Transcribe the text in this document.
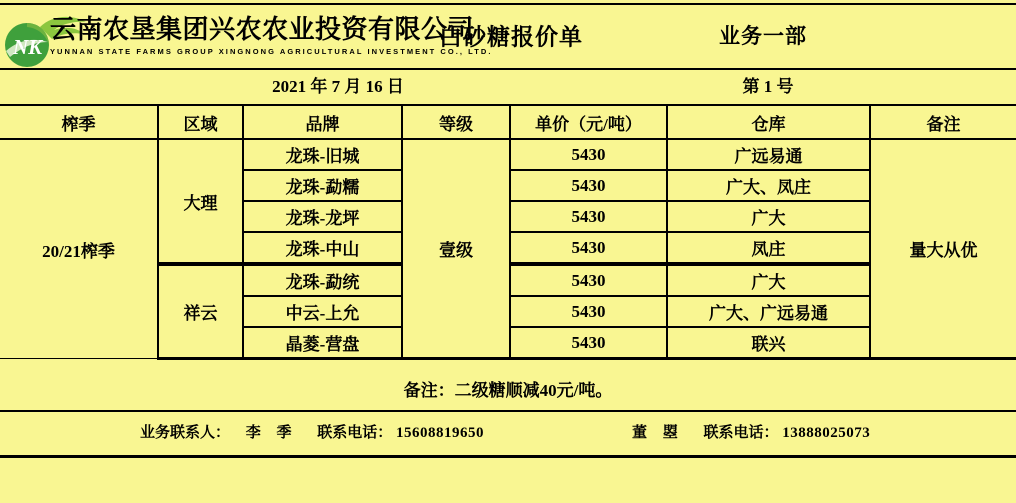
NK
云南农垦集团兴农农业投资有限公司
YUNNAN STATE FARMS GROUP XINGNONG AGRICULTURAL INVESTMENT CO., LTD.
白砂糖报价单	业务一部
2021 年 7 月 16 日	第 1 号
榨季	区域	品牌	等级	单价（元/吨）	仓库	备注
20/21榨季	大理	龙珠-旧城	壹级	5430	广远易通	量大从优
		龙珠-勐糯		5430	广大、凤庄	
		龙珠-龙坪		5430	广大	
		龙珠-中山		5430	凤庄	
	祥云	龙珠-勐统		5430	广大	
		中云-上允		5430	广大、广远易通	
		晶菱-营盘		5430	联兴	
备注：二级糖顺减40元/吨。
业务联系人： 李 季 联系电话： 15608819650	董 曌 联系电话： 13888025073
